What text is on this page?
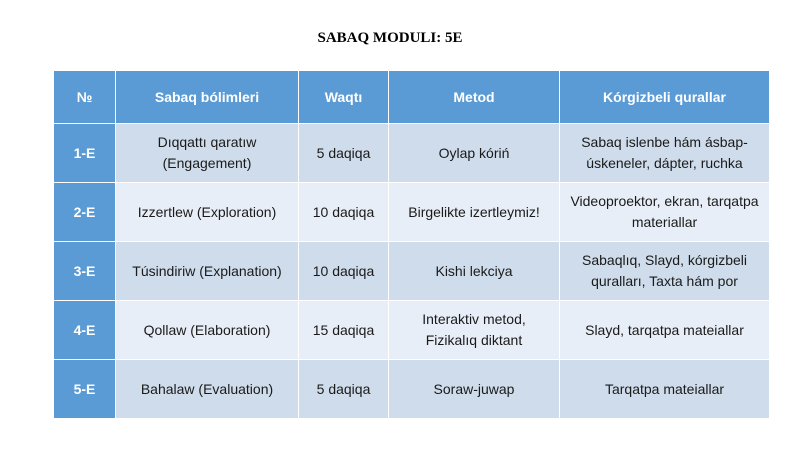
SABAQ MODULI: 5E
№	Sabaq bólimleri	Waqtı	Metod	Kórgizbeli qurallar
1-E	Dıqqattı qaratıw (Engagement)	5 daqiqa	Oylap kóriń	Sabaq islenbe hám ásbap-úskeneler, dápter, ruchka
2-E	Izzertlew (Exploration)	10 daqiqa	Birgelikte izertleymiz!	Videoproektor, ekran, tarqatpa materiallar
3-E	Túsindiriw (Explanation)	10 daqiqa	Kishi lekciya	Sabaqlıq, Slayd, kórgizbeli quralları, Taxta hám por
4-E	Qollaw (Elaboration)	15 daqiqa	Interaktiv metod, Fizikalıq diktant	Slayd, tarqatpa mateiallar
5-E	Bahalaw (Evaluation)	5 daqiqa	Soraw-juwap	Tarqatpa mateiallar
